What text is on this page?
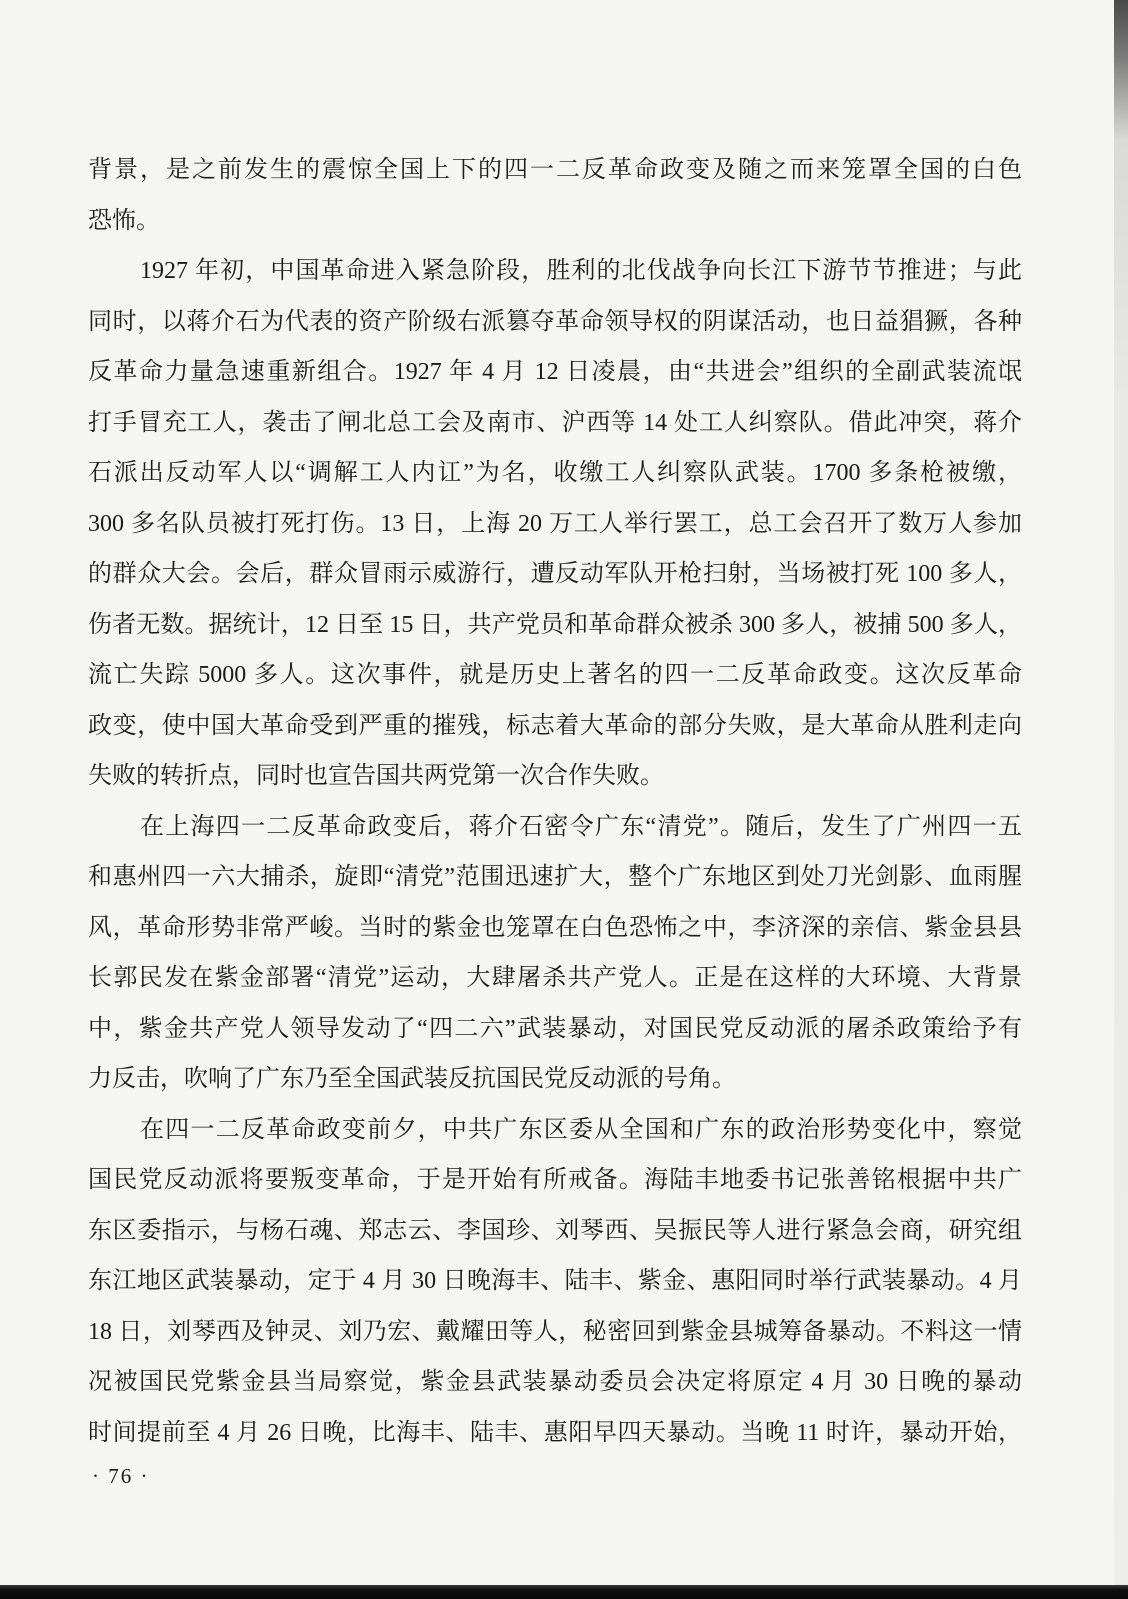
背景，是之前发生的震惊全国上下的四一二反革命政变及随之而来笼罩全国的白色
恐怖。
1927 年初，中国革命进入紧急阶段，胜利的北伐战争向长江下游节节推进；与此
同时，以蒋介石为代表的资产阶级右派篡夺革命领导权的阴谋活动，也日益猖獗，各种
反革命力量急速重新组合。1927 年 4 月 12 日凌晨，由“共进会”组织的全副武装流氓
打手冒充工人，袭击了闸北总工会及南市、沪西等 14 处工人纠察队。借此冲突，蒋介
石派出反动军人以“调解工人内讧”为名，收缴工人纠察队武装。1700 多条枪被缴，
300 多名队员被打死打伤。13 日，上海 20 万工人举行罢工，总工会召开了数万人参加
的群众大会。会后，群众冒雨示威游行，遭反动军队开枪扫射，当场被打死 100 多人，
伤者无数。据统计，12 日至 15 日，共产党员和革命群众被杀 300 多人，被捕 500 多人，
流亡失踪 5000 多人。这次事件，就是历史上著名的四一二反革命政变。这次反革命
政变，使中国大革命受到严重的摧残，标志着大革命的部分失败，是大革命从胜利走向
失败的转折点，同时也宣告国共两党第一次合作失败。
在上海四一二反革命政变后，蒋介石密令广东“清党”。随后，发生了广州四一五
和惠州四一六大捕杀，旋即“清党”范围迅速扩大，整个广东地区到处刀光剑影、血雨腥
风，革命形势非常严峻。当时的紫金也笼罩在白色恐怖之中，李济深的亲信、紫金县县
长郭民发在紫金部署“清党”运动，大肆屠杀共产党人。正是在这样的大环境、大背景
中，紫金共产党人领导发动了“四二六”武装暴动，对国民党反动派的屠杀政策给予有
力反击，吹响了广东乃至全国武装反抗国民党反动派的号角。
在四一二反革命政变前夕，中共广东区委从全国和广东的政治形势变化中，察觉
国民党反动派将要叛变革命，于是开始有所戒备。海陆丰地委书记张善铭根据中共广
东区委指示，与杨石魂、郑志云、李国珍、刘琴西、吴振民等人进行紧急会商，研究组
东江地区武装暴动，定于 4 月 30 日晚海丰、陆丰、紫金、惠阳同时举行武装暴动。4 月
18 日，刘琴西及钟灵、刘乃宏、戴耀田等人，秘密回到紫金县城筹备暴动。不料这一情
况被国民党紫金县当局察觉，紫金县武装暴动委员会决定将原定 4 月 30 日晚的暴动
时间提前至 4 月 26 日晚，比海丰、陆丰、惠阳早四天暴动。当晚 11 时许，暴动开始，
· 76 ·
